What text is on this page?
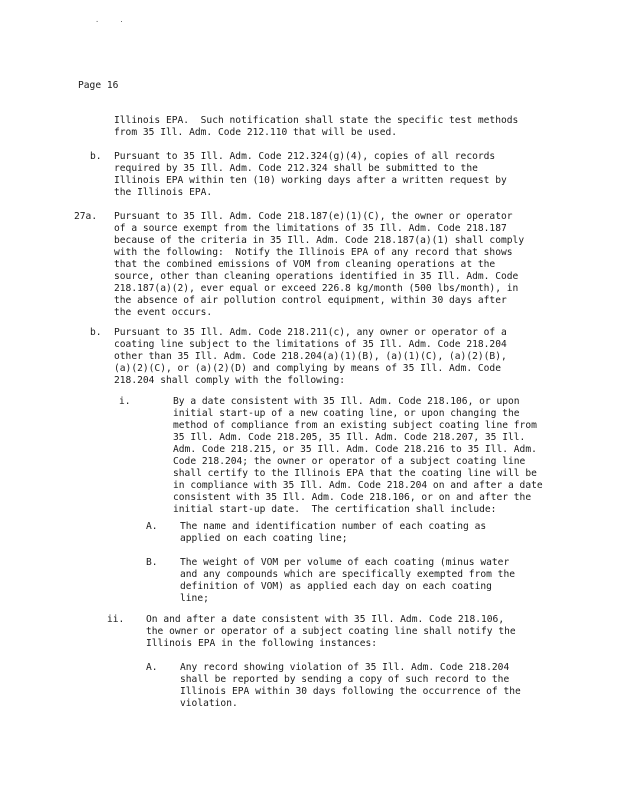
. .
Page 16
Illinois EPA.  Such notification shall state the specific test methods
from 35 Ill. Adm. Code 212.110 that will be used.
b. Pursuant to 35 Ill. Adm. Code 212.324(g)(4), copies of all records
required by 35 Ill. Adm. Code 212.324 shall be submitted to the
Illinois EPA within ten (10) working days after a written request by
the Illinois EPA.
27a. Pursuant to 35 Ill. Adm. Code 218.187(e)(1)(C), the owner or operator
of a source exempt from the limitations of 35 Ill. Adm. Code 218.187
because of the criteria in 35 Ill. Adm. Code 218.187(a)(1) shall comply
with the following:  Notify the Illinois EPA of any record that shows
that the combined emissions of VOM from cleaning operations at the
source, other than cleaning operations identified in 35 Ill. Adm. Code
218.187(a)(2), ever equal or exceed 226.8 kg/month (500 lbs/month), in
the absence of air pollution control equipment, within 30 days after
the event occurs.
b. Pursuant to 35 Ill. Adm. Code 218.211(c), any owner or operator of a
coating line subject to the limitations of 35 Ill. Adm. Code 218.204
other than 35 Ill. Adm. Code 218.204(a)(1)(B), (a)(1)(C), (a)(2)(B),
(a)(2)(C), or (a)(2)(D) and complying by means of 35 Ill. Adm. Code
218.204 shall comply with the following:
i.	By a date consistent with 35 Ill. Adm. Code 218.106, or upon
initial start-up of a new coating line, or upon changing the
method of compliance from an existing subject coating line from
35 Ill. Adm. Code 218.205, 35 Ill. Adm. Code 218.207, 35 Ill.
Adm. Code 218.215, or 35 Ill. Adm. Code 218.216 to 35 Ill. Adm.
Code 218.204; the owner or operator of a subject coating line
shall certify to the Illinois EPA that the coating line will be
in compliance with 35 Ill. Adm. Code 218.204 on and after a date
consistent with 35 Ill. Adm. Code 218.106, or on and after the
initial start-up date.  The certification shall include:
A. The name and identification number of each coating as
applied on each coating line;
B. The weight of VOM per volume of each coating (minus water
and any compounds which are specifically exempted from the
definition of VOM) as applied each day on each coating
line;
ii. On and after a date consistent with 35 Ill. Adm. Code 218.106,
the owner or operator of a subject coating line shall notify the
Illinois EPA in the following instances:
A. Any record showing violation of 35 Ill. Adm. Code 218.204
shall be reported by sending a copy of such record to the
Illinois EPA within 30 days following the occurrence of the
violation.
